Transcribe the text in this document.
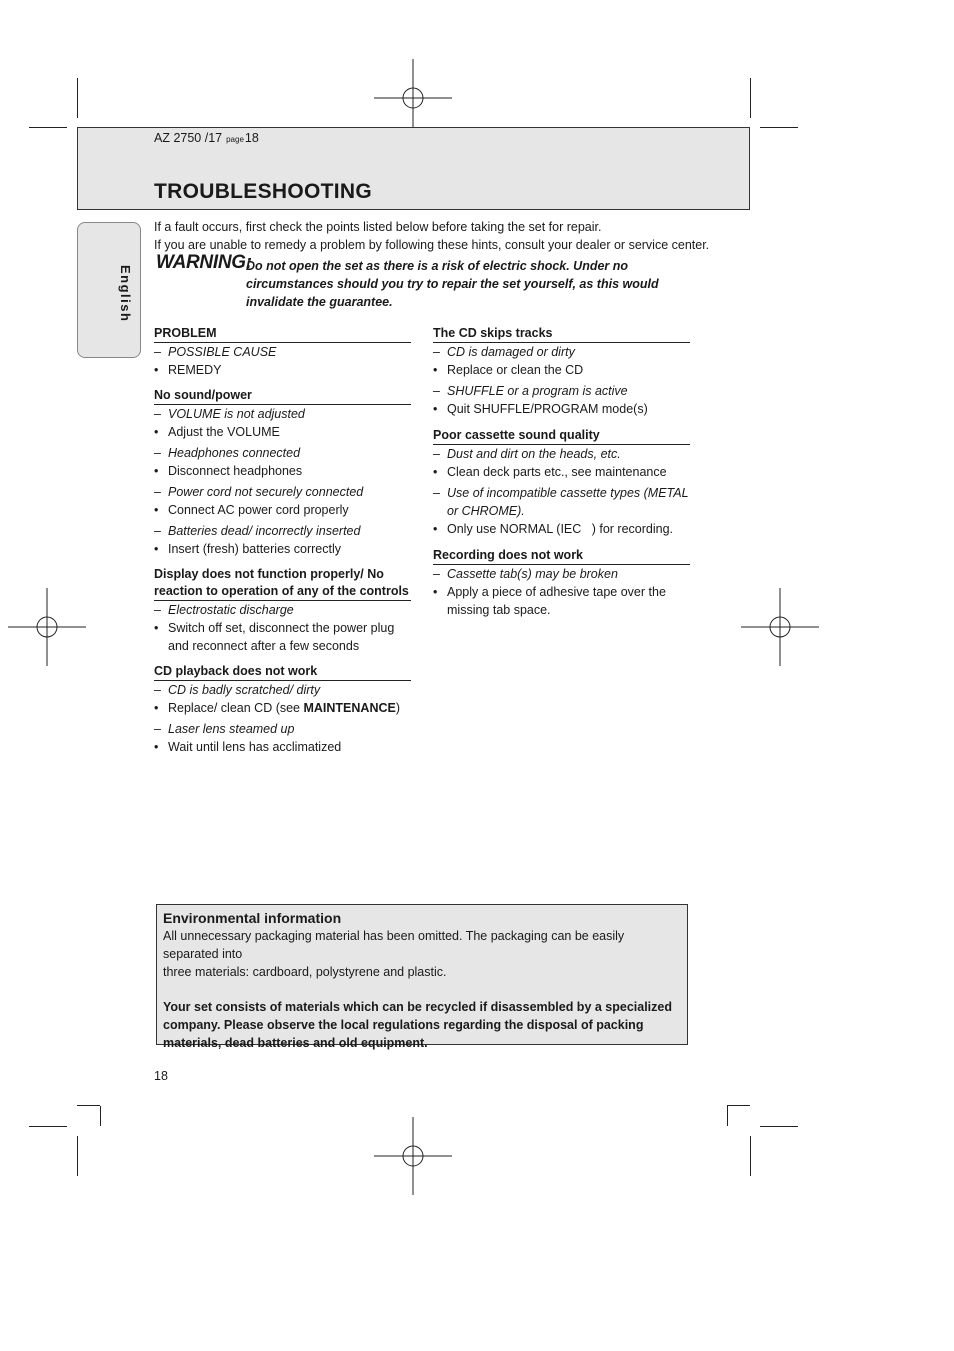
AZ 2750 /17 page18
TROUBLESHOOTING
English
If a fault occurs, first check the points listed below before taking the set for repair.
If you are unable to remedy a problem by following these hints, consult your dealer or service center.
WARNING:
Do not open the set as there is a risk of electric shock. Under no
circumstances should you try to repair the set yourself, as this would
invalidate the guarantee.
PROBLEM
– POSSIBLE CAUSE
• REMEDY
No sound/power
– VOLUME is not adjusted
• Adjust the VOLUME
– Headphones connected
• Disconnect headphones
– Power cord not securely connected
• Connect AC power cord properly
– Batteries dead/ incorrectly inserted
• Insert (fresh) batteries correctly
Display does not function properly/ No
reaction to operation of any of the controls
– Electrostatic discharge
• Switch off set, disconnect the power plug
and reconnect after a few seconds
CD playback does not work
– CD is badly scratched/ dirty
• Replace/ clean CD (see MAINTENANCE)
– Laser lens steamed up
• Wait until lens has acclimatized
The CD skips tracks
– CD is damaged or dirty
• Replace or clean the CD
– SHUFFLE or a program is active
• Quit SHUFFLE/PROGRAM mode(s)
Poor cassette sound quality
– Dust and dirt on the heads, etc.
• Clean deck parts etc., see maintenance
– Use of incompatible cassette types (METAL
or CHROME).
• Only use NORMAL (IEC   ) for recording.
Recording does not work
– Cassette tab(s) may be broken
• Apply a piece of adhesive tape over the
missing tab space.
Environmental information
All unnecessary packaging material has been omitted. The packaging can be easily separated into
three materials: cardboard, polystyrene and plastic.
Your set consists of materials which can be recycled if disassembled by a specialized
company. Please observe the local regulations regarding the disposal of packing
materials, dead batteries and old equipment.
18
